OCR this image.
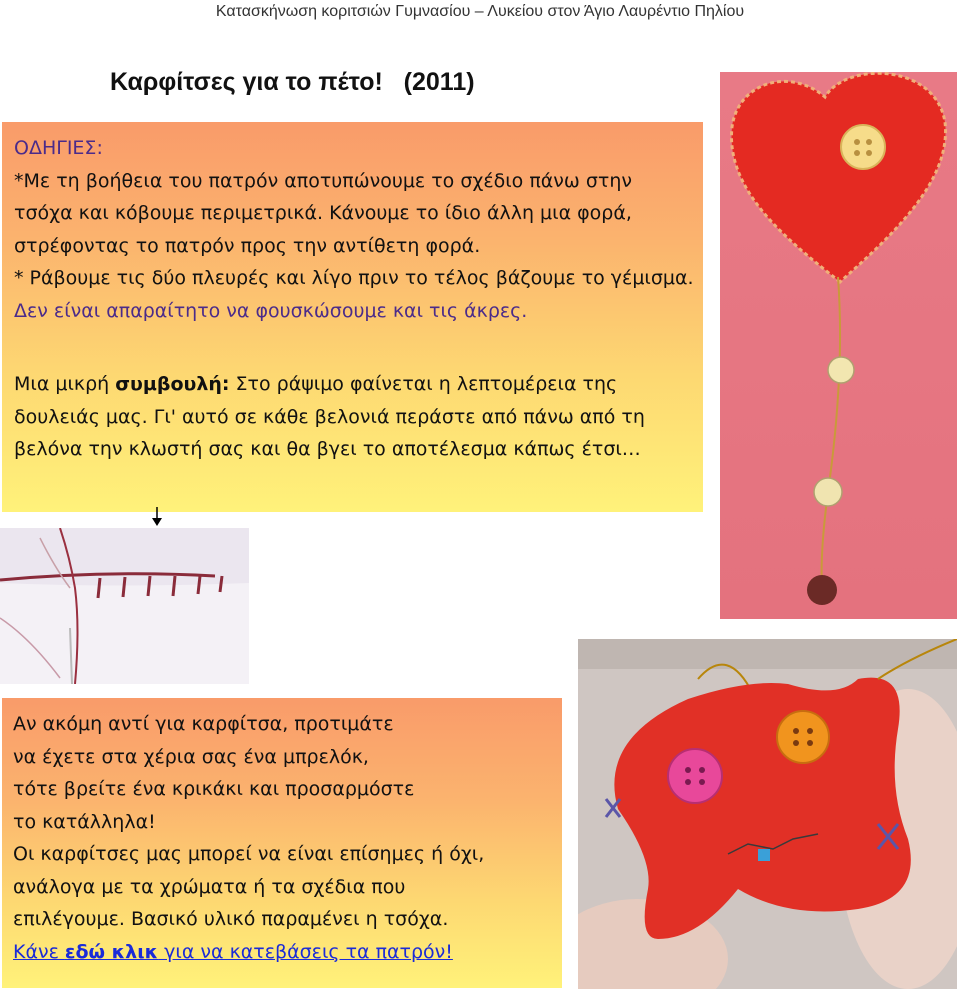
Κατασκήνωση κοριτσιών Γυμνασίου – Λυκείου στον Άγιο Λαυρέντιο Πηλίου
Καρφίτσες για το πέτο!   (2011)
ΟΔΗΓΙΕΣ:
*Με τη βοήθεια του πατρόν αποτυπώνουμε το σχέδιο πάνω στην τσόχα και κόβουμε περιμετρικά. Κάνουμε το ίδιο άλλη μια φορά, στρέφοντας το πατρόν προς την αντίθετη φορά.
* Ράβουμε τις δύο πλευρές και λίγο πριν το τέλος βάζουμε το γέμισμα. Δεν είναι απαραίτητο να φουσκώσουμε και τις άκρες.
Μια μικρή συμβουλή: Στο ράψιμο φαίνεται η λεπτομέρεια της δουλειάς μας. Γι' αυτό σε κάθε βελονιά περάστε από πάνω από τη βελόνα την κλωστή σας και θα βγει το αποτέλεσμα κάπως έτσι…
Αν ακόμη αντί για καρφίτσα, προτιμάτε
να έχετε στα χέρια σας ένα μπρελόκ,
τότε βρείτε ένα κρικάκι και προσαρμόστε
το κατάλληλα!
Οι καρφίτσες μας μπορεί να είναι επίσημες ή όχι,
ανάλογα με τα χρώματα ή τα σχέδια που
επιλέγουμε. Βασικό υλικό παραμένει η τσόχα.
Κάνε εδώ κλικ για να κατεβάσεις τα πατρόν!
